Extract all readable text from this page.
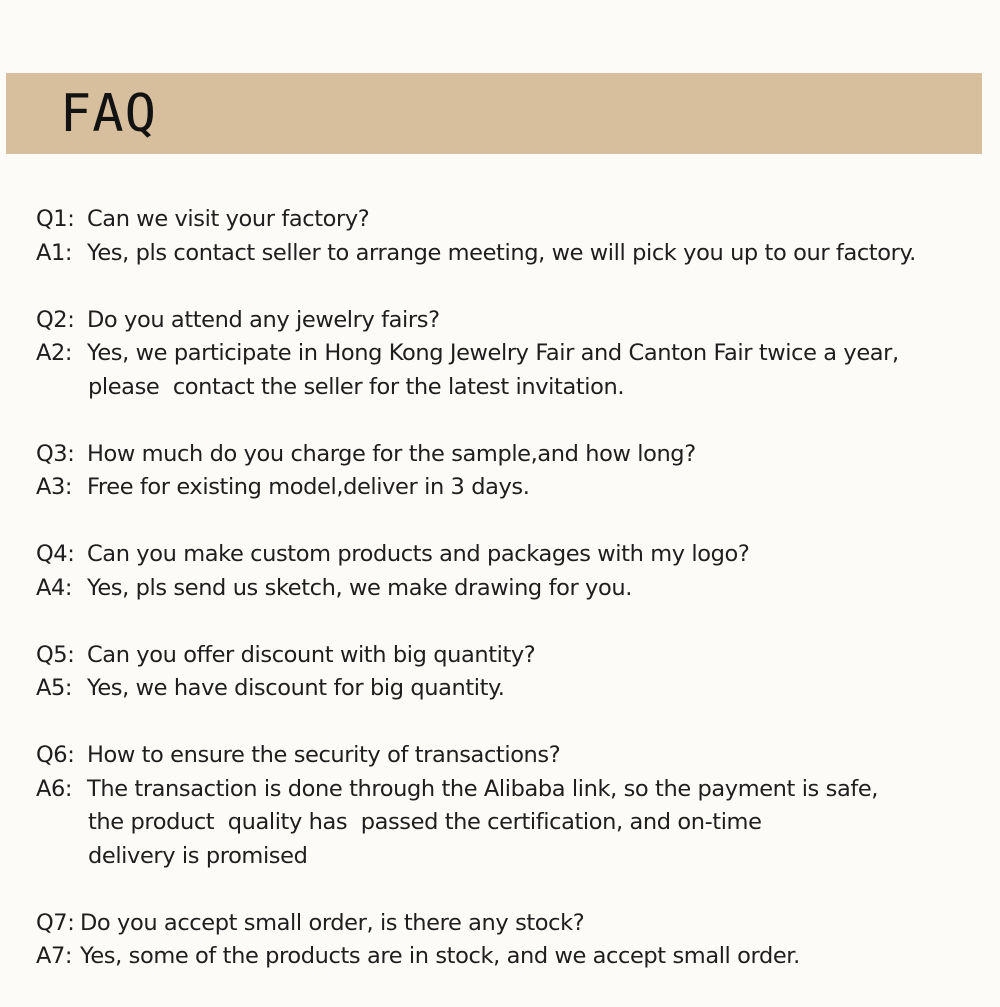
FAQ
Q1: Can we visit your factory?
A1: Yes, pls contact seller to arrange meeting, we will pick you up to our factory.
Q2: Do you attend any jewelry fairs?
A2: Yes, we participate in Hong Kong Jewelry Fair and Canton Fair twice a year,
please  contact the seller for the latest invitation.
Q3: How much do you charge for the sample,and how long?
A3: Free for existing model,deliver in 3 days.
Q4: Can you make custom products and packages with my logo?
A4: Yes, pls send us sketch, we make drawing for you.
Q5: Can you offer discount with big quantity?
A5: Yes, we have discount for big quantity.
Q6: How to ensure the security of transactions?
A6: The transaction is done through the Alibaba link, so the payment is safe,
the product  quality has  passed the certification, and on-time
delivery is promised
Q7: Do you accept small order, is there any stock?
A7: Yes, some of the products are in stock, and we accept small order.
